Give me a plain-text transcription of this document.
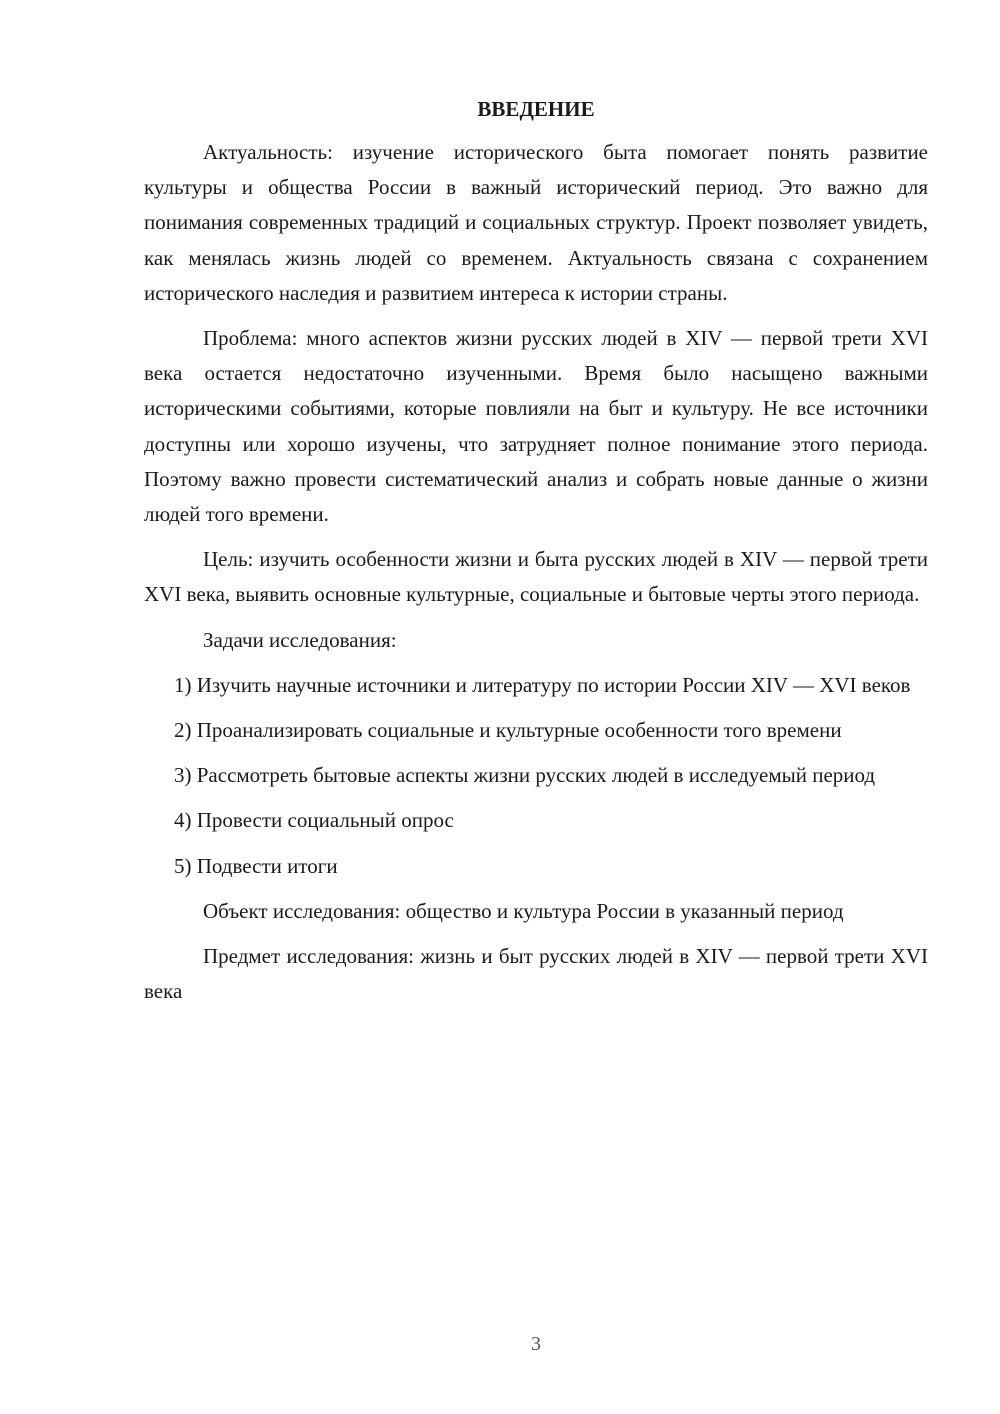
ВВЕДЕНИЕ

Актуальность: изучение исторического быта помогает понять развитие культуры и общества России в важный исторический период. Это важно для понимания современных традиций и социальных структур. Проект позволяет увидеть, как менялась жизнь людей со временем. Актуальность связана с сохранением исторического наследия и развитием интереса к истории страны.

Проблема: много аспектов жизни русских людей в XIV — первой трети XVI века остается недостаточно изученными. Время было насыщено важными историческими событиями, которые повлияли на быт и культуру. Не все источники доступны или хорошо изучены, что затрудняет полное понимание этого периода. Поэтому важно провести систематический анализ и собрать новые данные о жизни людей того времени.

Цель: изучить особенности жизни и быта русских людей в XIV — первой трети XVI века, выявить основные культурные, социальные и бытовые черты этого периода.

Задачи исследования:

1) Изучить научные источники и литературу по истории России XIV — XVI веков

2) Проанализировать социальные и культурные особенности того времени

3) Рассмотреть бытовые аспекты жизни русских людей в исследуемый период

4) Провести социальный опрос

5) Подвести итоги

Объект исследования: общество и культура России в указанный период

Предмет исследования: жизнь и быт русских людей в XIV — первой трети XVI века

3
